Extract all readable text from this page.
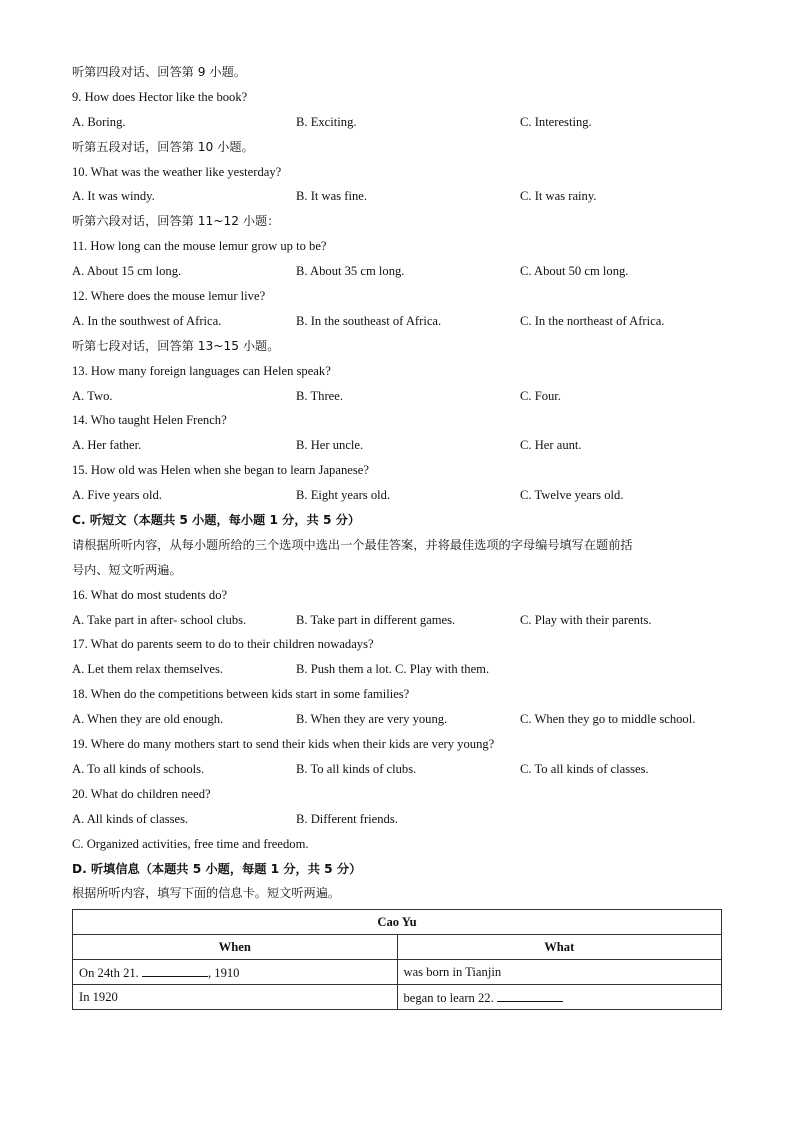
听第四段对话、回答第 9 小题。
9. How does Hector like the book?
A. Boring.	B. Exciting.	C. Interesting.
听第五段对话，回答第 10 小题。
10. What was the weather like yesterday?
A. It was windy.	B. It was fine.	C. It was rainy.
听第六段对话，回答第 11~12 小题：
11. How long can the mouse lemur grow up to be?
A. About 15 cm long.	B. About 35 cm long.	C. About 50 cm long.
12. Where does the mouse lemur live?
A. In the southwest of Africa.	B. In the southeast of Africa.	C. In the northeast of Africa.
听第七段对话，回答第 13~15 小题。
13. How many foreign languages can Helen speak?
A. Two.	B. Three.	C. Four.
14. Who taught Helen French?
A. Her father.	B. Her uncle.	C. Her aunt.
15. How old was Helen when she began to learn Japanese?
A. Five years old.	B. Eight years old.	C. Twelve years old.
C. 听短文（本题共 5 小题，每小题 1 分，共 5 分）
请根据所听内容，从每小题所给的三个选项中选出一个最佳答案，并将最佳选项的字母编号填写在题前括
号内、短文听两遍。
16. What do most students do?
A. Take part in after- school clubs.	B. Take part in different games.	C. Play with their parents.
17. What do parents seem to do to their children nowadays?
A. Let them relax themselves.	B. Push them a lot. C. Play with them.
18. When do the competitions between kids start in some families?
A. When they are old enough.	B. When they are very young.	C. When they go to middle school.
19. Where do many mothers start to send their kids when their kids are very young?
A. To all kinds of schools.	B. To all kinds of clubs.	C. To all kinds of classes.
20. What do children need?
A. All kinds of classes.	B. Different friends.
C. Organized activities, free time and freedom.
D. 听填信息（本题共 5 小题，每题 1 分，共 5 分）
根据所听内容，填写下面的信息卡。短文听两遍。
Cao Yu	
When	What
On 24th 21. , 1910	was born in Tianjin
In 1920	began to learn 22.
